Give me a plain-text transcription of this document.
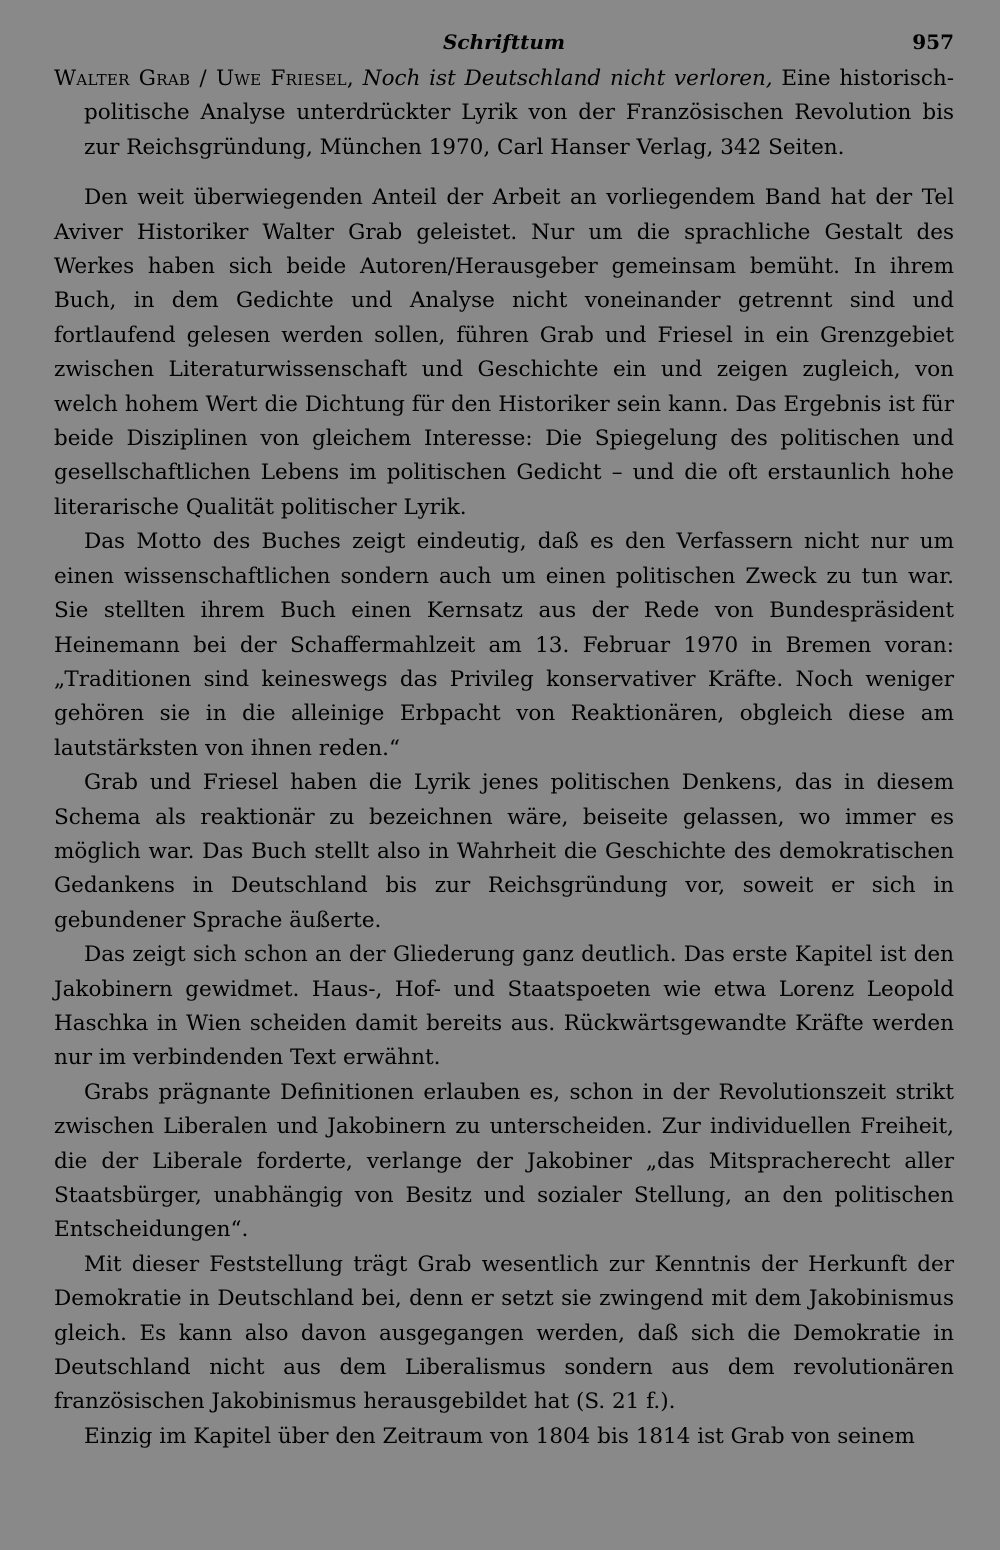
Schrifttum	957

Walter Grab / Uwe Friesel, Noch ist Deutschland nicht verloren, Eine historisch-politische Analyse unterdrückter Lyrik von der Französischen Revolution bis zur Reichsgründung, München 1970, Carl Hanser Verlag, 342 Seiten.

Den weit überwiegenden Anteil der Arbeit an vorliegendem Band hat der Tel Aviver Historiker Walter Grab geleistet. Nur um die sprachliche Gestalt des Werkes haben sich beide Autoren/Herausgeber gemeinsam bemüht. In ihrem Buch, in dem Gedichte und Analyse nicht voneinander getrennt sind und fortlaufend gelesen werden sollen, führen Grab und Friesel in ein Grenzgebiet zwischen Literaturwissenschaft und Geschichte ein und zeigen zugleich, von welch hohem Wert die Dichtung für den Historiker sein kann. Das Ergebnis ist für beide Disziplinen von gleichem Interesse: Die Spiegelung des politischen und gesellschaftlichen Lebens im politischen Gedicht – und die oft erstaunlich hohe literarische Qualität politischer Lyrik.

Das Motto des Buches zeigt eindeutig, daß es den Verfassern nicht nur um einen wissenschaftlichen sondern auch um einen politischen Zweck zu tun war. Sie stellten ihrem Buch einen Kernsatz aus der Rede von Bundespräsident Heinemann bei der Schaffermahlzeit am 13. Februar 1970 in Bremen voran: „Traditionen sind keineswegs das Privileg konservativer Kräfte. Noch weniger gehören sie in die alleinige Erbpacht von Reaktionären, obgleich diese am lautstärksten von ihnen reden.“

Grab und Friesel haben die Lyrik jenes politischen Denkens, das in diesem Schema als reaktionär zu bezeichnen wäre, beiseite gelassen, wo immer es möglich war. Das Buch stellt also in Wahrheit die Geschichte des demokratischen Gedankens in Deutschland bis zur Reichsgründung vor, soweit er sich in gebundener Sprache äußerte.

Das zeigt sich schon an der Gliederung ganz deutlich. Das erste Kapitel ist den Jakobinern gewidmet. Haus-, Hof- und Staatspoeten wie etwa Lorenz Leopold Haschka in Wien scheiden damit bereits aus. Rückwärtsgewandte Kräfte werden nur im verbindenden Text erwähnt.

Grabs prägnante Definitionen erlauben es, schon in der Revolutionszeit strikt zwischen Liberalen und Jakobinern zu unterscheiden. Zur individuellen Freiheit, die der Liberale forderte, verlange der Jakobiner „das Mitspracherecht aller Staatsbürger, unabhängig von Besitz und sozialer Stellung, an den politischen Entscheidungen“.

Mit dieser Feststellung trägt Grab wesentlich zur Kenntnis der Herkunft der Demokratie in Deutschland bei, denn er setzt sie zwingend mit dem Jakobinismus gleich. Es kann also davon ausgegangen werden, daß sich die Demokratie in Deutschland nicht aus dem Liberalismus sondern aus dem revolutionären französischen Jakobinismus herausgebildet hat (S. 21 f.).

Einzig im Kapitel über den Zeitraum von 1804 bis 1814 ist Grab von seinem
